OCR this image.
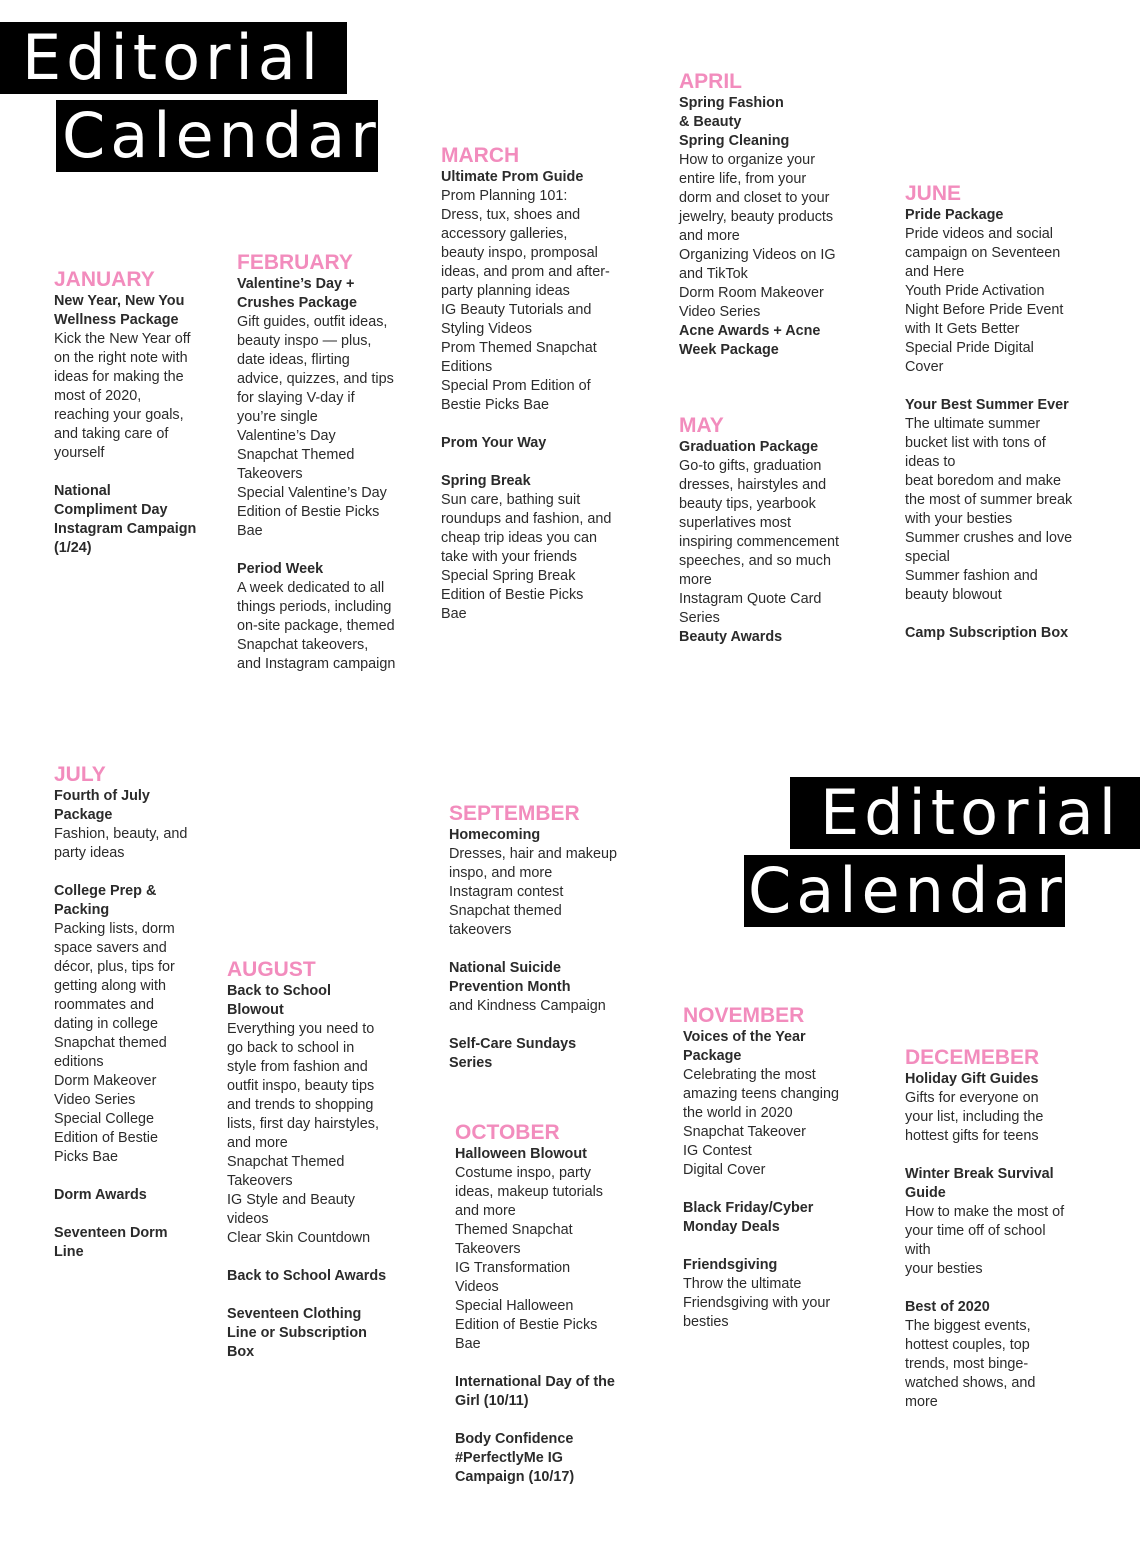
Editorial
Calendar
Editorial
Calendar
JANUARY
New Year, New You
Wellness Package
Kick the New Year off
on the right note with
ideas for making the
most of 2020,
reaching your goals,
and taking care of
yourself
National
Compliment Day
Instagram Campaign
(1/24)
FEBRUARY
Valentine’s Day +
Crushes Package
Gift guides, outfit ideas,
beauty inspo — plus,
date ideas, flirting
advice, quizzes, and tips
for slaying V-day if
you’re single
Valentine’s Day
Snapchat Themed
Takeovers
Special Valentine’s Day
Edition of Bestie Picks
Bae
Period Week
A week dedicated to all
things periods, including
on-site package, themed
Snapchat takeovers,
and Instagram campaign
MARCH
Ultimate Prom Guide
Prom Planning 101:
Dress, tux, shoes and
accessory galleries,
beauty inspo, promposal
ideas, and prom and after-
party planning ideas
IG Beauty Tutorials and
Styling Videos
Prom Themed Snapchat
Editions
Special Prom Edition of
Bestie Picks Bae
Prom Your Way
Spring Break
Sun care, bathing suit
roundups and fashion, and
cheap trip ideas you can
take with your friends
Special Spring Break
Edition of Bestie Picks
Bae
APRIL
Spring Fashion
& Beauty
Spring Cleaning
How to organize your
entire life, from your
dorm and closet to your
jewelry, beauty products
and more
Organizing Videos on IG
and TikTok
Dorm Room Makeover
Video Series
Acne Awards + Acne
Week Package
MAY
Graduation Package
Go-to gifts, graduation
dresses, hairstyles and
beauty tips, yearbook
superlatives most
inspiring commencement
speeches, and so much
more
Instagram Quote Card
Series
Beauty Awards
JUNE
Pride Package
Pride videos and social
campaign on Seventeen
and Here
Youth Pride Activation
Night Before Pride Event
with It Gets Better
Special Pride Digital
Cover
Your Best Summer Ever
The ultimate summer
bucket list with tons of
ideas to
beat boredom and make
the most of summer break
with your besties
Summer crushes and love
special
Summer fashion and
beauty blowout
Camp Subscription Box
JULY
Fourth of July
Package
Fashion, beauty, and
party ideas
College Prep &
Packing
Packing lists, dorm
space savers and
décor, plus, tips for
getting along with
roommates and
dating in college
Snapchat themed
editions
Dorm Makeover
Video Series
Special College
Edition of Bestie
Picks Bae
Dorm Awards
Seventeen Dorm
Line
AUGUST
Back to School
Blowout
Everything you need to
go back to school in
style from fashion and
outfit inspo, beauty tips
and trends to shopping
lists, first day hairstyles,
and more
Snapchat Themed
Takeovers
IG Style and Beauty
videos
Clear Skin Countdown
Back to School Awards
Seventeen Clothing
Line or Subscription
Box
SEPTEMBER
Homecoming
Dresses, hair and makeup
inspo, and more
Instagram contest
Snapchat themed
takeovers
National Suicide
Prevention Month
and Kindness Campaign
Self-Care Sundays
Series
OCTOBER
Halloween Blowout
Costume inspo, party
ideas, makeup tutorials
and more
Themed Snapchat
Takeovers
IG Transformation
Videos
Special Halloween
Edition of Bestie Picks
Bae
International Day of the
Girl (10/11)
Body Confidence
#PerfectlyMe IG
Campaign (10/17)
NOVEMBER
Voices of the Year
Package
Celebrating the most
amazing teens changing
the world in 2020
Snapchat Takeover
IG Contest
Digital Cover
Black Friday/Cyber
Monday Deals
Friendsgiving
Throw the ultimate
Friendsgiving with your
besties
DECEMEBER
Holiday Gift Guides
Gifts for everyone on
your list, including the
hottest gifts for teens
Winter Break Survival
Guide
How to make the most of
your time off of school
with
your besties
Best of 2020
The biggest events,
hottest couples, top
trends, most binge-
watched shows, and
more
